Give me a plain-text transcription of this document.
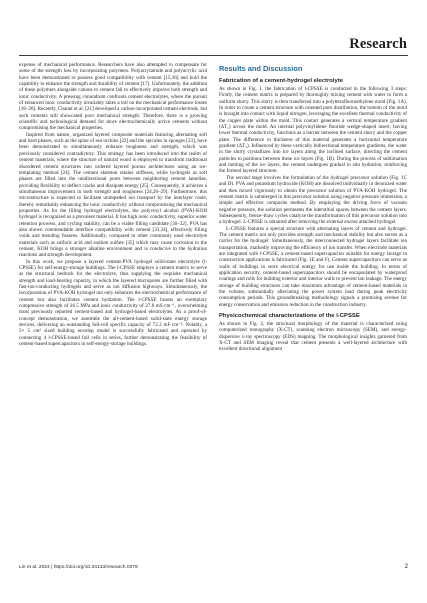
Research

expense of mechanical performance. Researchers have also attempted to compensate for some of the strength loss by incorporating polymers. Polyacrylamide and polyacrylic acid have been demonstrated to possess good compatibility with cement [15,16] and hold the capability to enhance the strength and durability of cement [17]. Unfortunately, the addition of these polymers alongside cations to cement fail to effectively improve both strength and ionic conductivity. A pressing conundrum confronts cement electrolytes, where the pursuit of enhanced ionic conductivity invariably takes a toll on the mechanical performance losses [18–20]. Recently, Chanut et al. [21] developed a carbon-incorporated cement electrode, but such cements still showcased poor mechanical strength. Therefore, there is a growing scientific and technological demand for more electrochemically active cements without compromising the mechanical properties.

Inspired from nature, organized layered composite materials featuring alternating soft and hard phases, such as the spine of sea urchins [22] and the spicules in sponges [23], have been demonstrated to simultaneously enhance toughness and strength, which was previously considered contradictory. This strategy has been introduced into the realm of cement materials, where the structure of natural wood is employed to transform traditional disordered cement structures into ordered layered porous architectures using an ice-templating method [24]. The cement skeleton retains stiffness, while hydrogels as soft phases are filled into the unidirectional pores between neighboring cement lamellae, providing flexibility to deflect cracks and dissipate energy [25]. Consequently, it achieves a simultaneous improvement in both strength and toughness [24,26–29]. Furthermore, this microstructure is expected to facilitate unimpeded ion transport by the interlayer route, thereby remarkably enhancing the ionic conductivity without compromising the mechanical properties. As for the filling hydrogel electrolytes, the polyvinyl alcohol (PVA)-KOH hydrogel is recognized as a prevalent material. It has high ionic conductivity, superior water retention prowess, and cycling stability, can be a viable filling candidate [30–32]. PVA has also shown commendable interface compatibility with cement [33,34], effectively filling voids and mending fissures. Additionally, compared to other commonly used electrolyte materials such as sulfuric acid and sodium sulfate [35] which may cause corrosion to the cement, KOH brings a stronger alkaline environment and is conducive to the hydration reactions and strength development.

In this work, we propose a layered cement-PVA hydrogel solid-state electrolyte (l-CPSSE) for self-energy-storage buildings. The l-CPSSE employs a cement matrix to serve as the structural bedrock for the electrolyte, thus supplying the requisite mechanical strength and load-bearing capacity, in which the layered micropores are further filled with fast-ion-conducting hydrogels and serve as ion diffusion highways. Simultaneously, the incorporation of PVA-KOH hydrogel not only enhances the electrochemical performance of cement but also facilitates cement hydration. The l-CPSSE boasts an exemplary compressive strength of 26.5 MPa and ionic conductivity of 27.8 mS·cm⁻¹, overwhelming most previously reported cement-based and hydrogel-based electrolytes. As a proof-of-concept demonstration, we assemble the all-cement-based solid-state energy storage devices, delivering an outstanding full-cell specific capacity of 72.2 mF·cm⁻². Notably, a 5× 5 cm² sized building envelop model is successfully fabricated and operated by connecting 4 l-CPSSE-based full cells in series, further demonstrating the feasibility of cement-based supercapacitors in self-energy-storage buildings.

Results and Discussion
Fabrication of a cement-hydrogel electrolyte

As shown in Fig. 1, the fabrication of l-CPSSE is conducted in the following 3 steps: Firstly, the cement matrix is prepared by thoroughly mixing cement with water to form a uniform slurry. This slurry is then transferred into a polytetrafluoroethylene mold (Fig. 1A). In order to create a cement structure with oriented pore distribution, the bottom of the mold is brought into contact with liquid nitrogen, leveraging the excellent thermal conductivity of the copper plate within the mold. This contact generates a vertical temperature gradient (ΔT₁) across the mold. An internal polyvinylidene fluoride wedge-shaped insert, having lower thermal conductivity, functions as a barrier between the cement slurry and the copper plate. The difference in thickness of this material generates a horizontal temperature gradient (ΔT₂). Influenced by these vertically bidirectional temperature gradients, the water in the slurry crystallizes into ice layers along the inclined surface, directing the cement particles to positions between these ice layers (Fig. 1B). During the process of sublimation and melting of the ice layers, the cement undergoes gradual in situ hydration, reinforcing the formed layered structure.

The second stage involves the formulation of the hydrogel precursor solution (Fig. 1C and D). PVA and potassium hydroxide (KOH) are dissolved individually in deionized water and then mixed vigorously to obtain the precursor solution of PVA-KOH hydrogel. The cement matrix is submerged in this precursor solution using negative pressure immersion, a simple and effective composite method. By employing the driving force of vacuum negative pressure, the solution permeates the interstitial spaces between the cement layers. Subsequently, freeze–thaw cycles catalyze the transformation of this precursor solution into a hydrogel. L-CPSSE is obtained after removing the external excess attached hydrogel.

L-CPSSE features a special structure with alternating layers of cement and hydrogel. The cement matrix not only provides strength and mechanical stability but also serves as a carrier for the hydrogel. Simultaneously, the interconnected hydrogel layers facilitate ion transportation, markedly improving the efficiency of ion transfer. When electrode materials are integrated with l-CPSSE, a cement-based supercapacitor suitable for energy storage in construction applications is fabricated (Fig. 1E and F). Cement supercapacitors can serve as walls of buildings to store electrical energy for use inside the building. In terms of application security, cement-based supercapacitors should be encapsulated by waterproof coatings and rolls for building exterior and interior walls to prevent ion leakage. The energy storage of building structures can take maximum advantage of cement-based materials in the volume, substantially alleviating the power system load during peak electricity consumption periods. This groundbreaking methodology signals a promising avenue for energy conservation and emission reduction in the construction industry.

Physicochemical characterizations of the l-CPSSE

As shown in Fig. 2, the structural morphology of the material is characterized using computerized tomography (X-CT), scanning electron microscopy (SEM), and energy-dispersive x-ray spectroscopy (EDS) mapping. The morphological insights garnered from X-CT and SEM imaging reveal that cement presents a well-layered architecture with excellent directional alignment

Lin et al. 2024 | https://doi.org/10.34133/research.0379	2
